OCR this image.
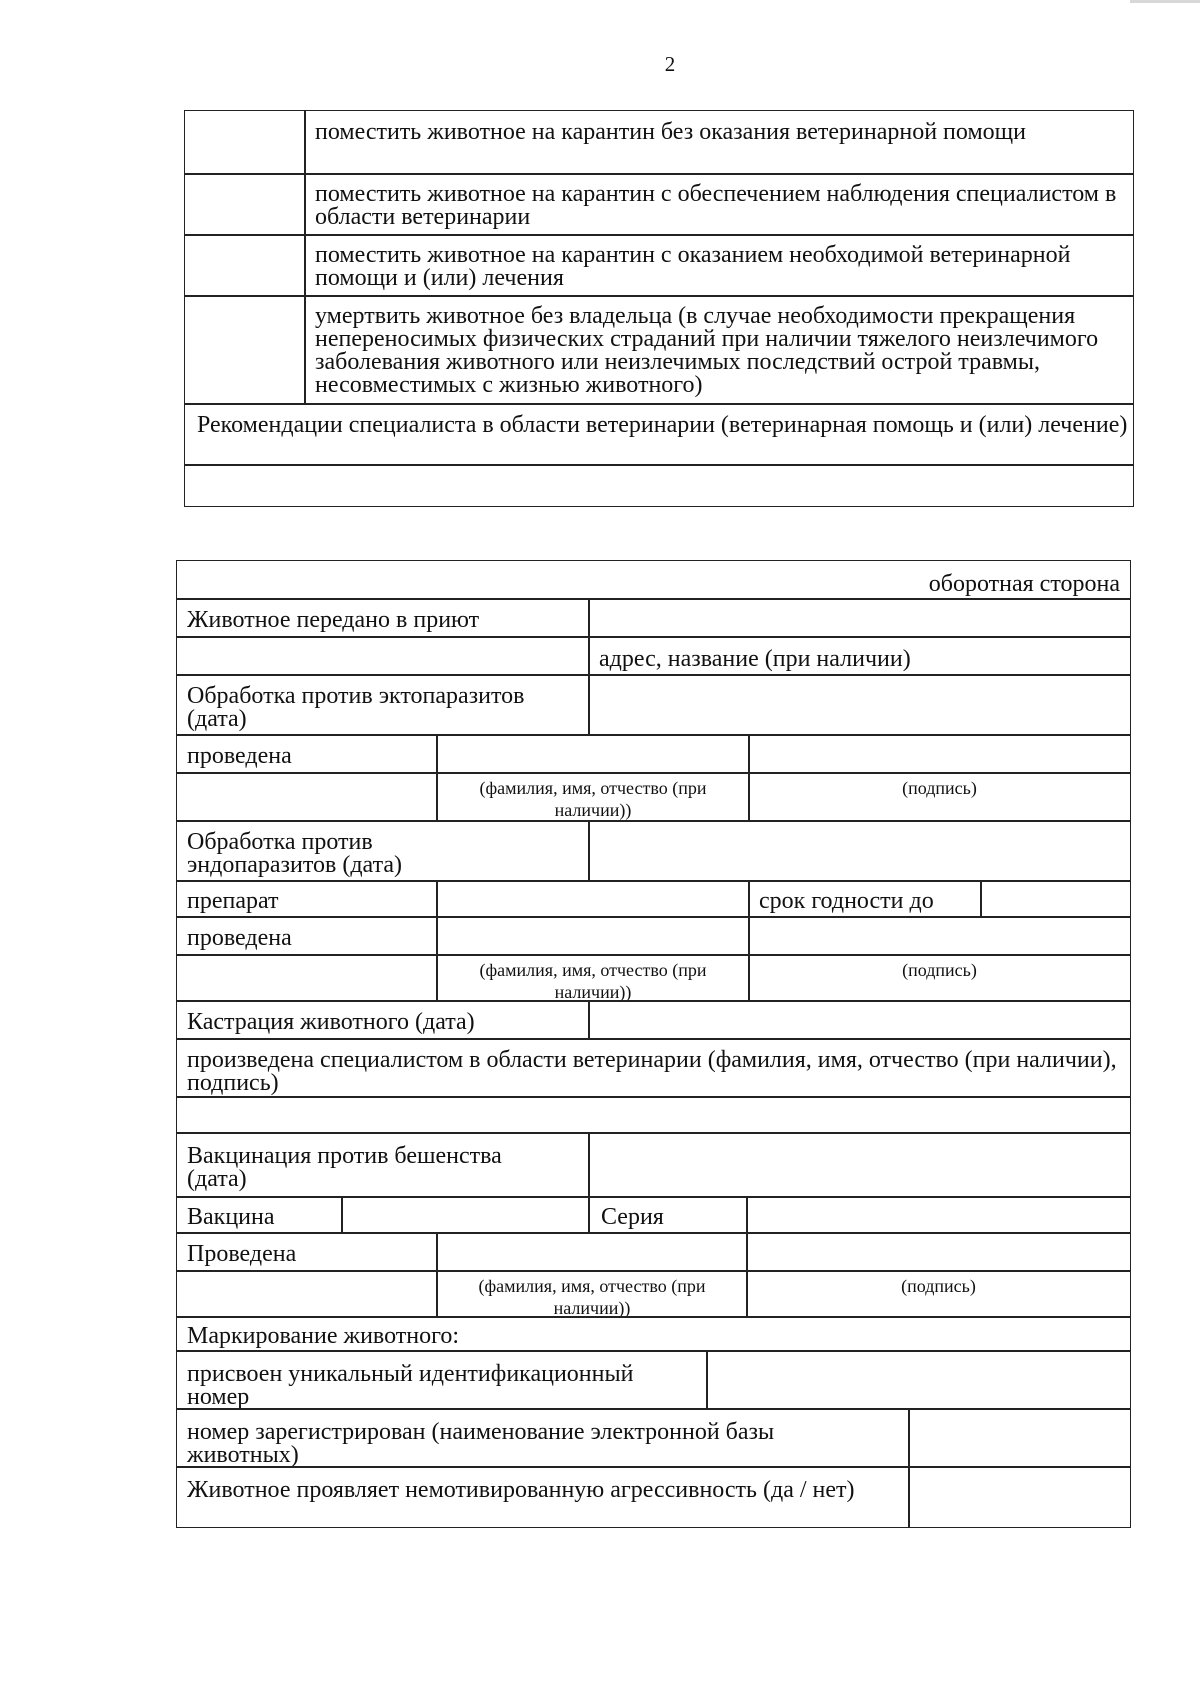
2
поместить животное на карантин без оказания ветеринарной помощи
поместить животное на карантин с обеспечением наблюдения специалистом в области ветеринарии
поместить животное на карантин с оказанием необходимой ветеринарной помощи и (или) лечения
умертвить животное без владельца (в случае необходимости прекращения непереносимых физических страданий при наличии тяжелого неизлечимого заболевания животного или неизлечимых последствий острой травмы, несовместимых с жизнью животного)
Рекомендации специалиста в области ветеринарии (ветеринарная помощь и (или) лечение)
оборотная сторона
Животное передано в приют
адрес, название (при наличии)
Обработка против эктопаразитов (дата)
проведена
(фамилия, имя, отчество (при наличии))
(подпись)
Обработка против эндопаразитов (дата)
препарат	срок годности до
проведена
(фамилия, имя, отчество (при наличии))
(подпись)
Кастрация животного (дата)
произведена специалистом в области ветеринарии (фамилия, имя, отчество (при наличии), подпись)
Вакцинация против бешенства (дата)
Вакцина	Серия
Проведена
(фамилия, имя, отчество (при наличии))
(подпись)
Маркирование животного:
присвоен уникальный идентификационный номер
номер зарегистрирован (наименование электронной базы животных)
Животное проявляет немотивированную агрессивность (да / нет)
